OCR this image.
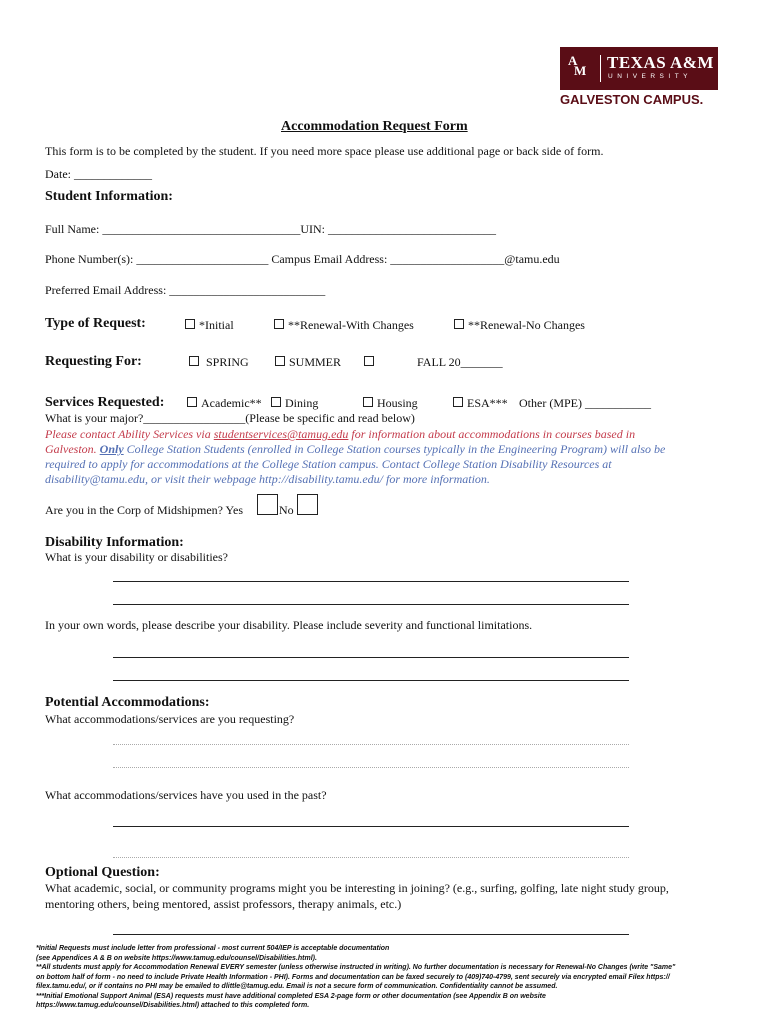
A
M	TEXAS A&M
UNIVERSITY
GALVESTON CAMPUS.
Accommodation Request Form
This form is to be completed by the student. If you need more space please use additional page or back side of form.
Date: _____________
Student Information:
Full Name: _________________________________UIN: ____________________________
Phone Number(s): ______________________ Campus Email Address: ___________________@tamu.edu
Preferred Email Address: __________________________
Type of Request:	*Initial	**Renewal-With Changes	**Renewal-No Changes
Requesting For:	SPRING	SUMMER	FALL 20_______
Services Requested:	Academic**	Dining	Housing	ESA*** Other (MPE) ___________
What is your major?_________________(Please be specific and read below)
Please contact Ability Services via studentservices@tamug.edu for information about accommodations in courses based in
Galveston. Only College Station Students (enrolled in College Station courses typically in the Engineering Program) will also be
required to apply for accommodations at the College Station campus. Contact College Station Disability Resources at
disability@tamu.edu, or visit their webpage http://disability.tamu.edu/ for more information.
Are you in the Corp of Midshipmen? Yes	No
Disability Information:
What is your disability or disabilities?
In your own words, please describe your disability. Please include severity and functional limitations.
Potential Accommodations:
What accommodations/services are you requesting?
What accommodations/services have you used in the past?
Optional Question:
What academic, social, or community programs might you be interesting in joining? (e.g., surfing, golfing, late night study group,
mentoring others, being mentored, assist professors, therapy animals, etc.)
*Initial Requests must include letter from professional - most current 504/IEP is acceptable documentation
(see Appendices A & B on website https://www.tamug.edu/counsel/Disabilities.html).
**All students must apply for Accommodation Renewal EVERY semester (unless otherwise instructed in writing). No further documentation is necessary for Renewal-No Changes (write "Same"
on bottom half of form - no need to include Private Health Information - PHI). Forms and documentation can be faxed securely to (409)740-4799, sent securely via encrypted email Filex https://
filex.tamu.edu/, or if contains no PHI may be emailed to dlittle@tamug.edu. Email is not a secure form of communication. Confidentiality cannot be assumed.
***Initial Emotional Support Animal (ESA) requests must have additional completed ESA 2-page form or other documentation (see Appendix B on website
https://www.tamug.edu/counsel/Disabilities.html) attached to this completed form.
